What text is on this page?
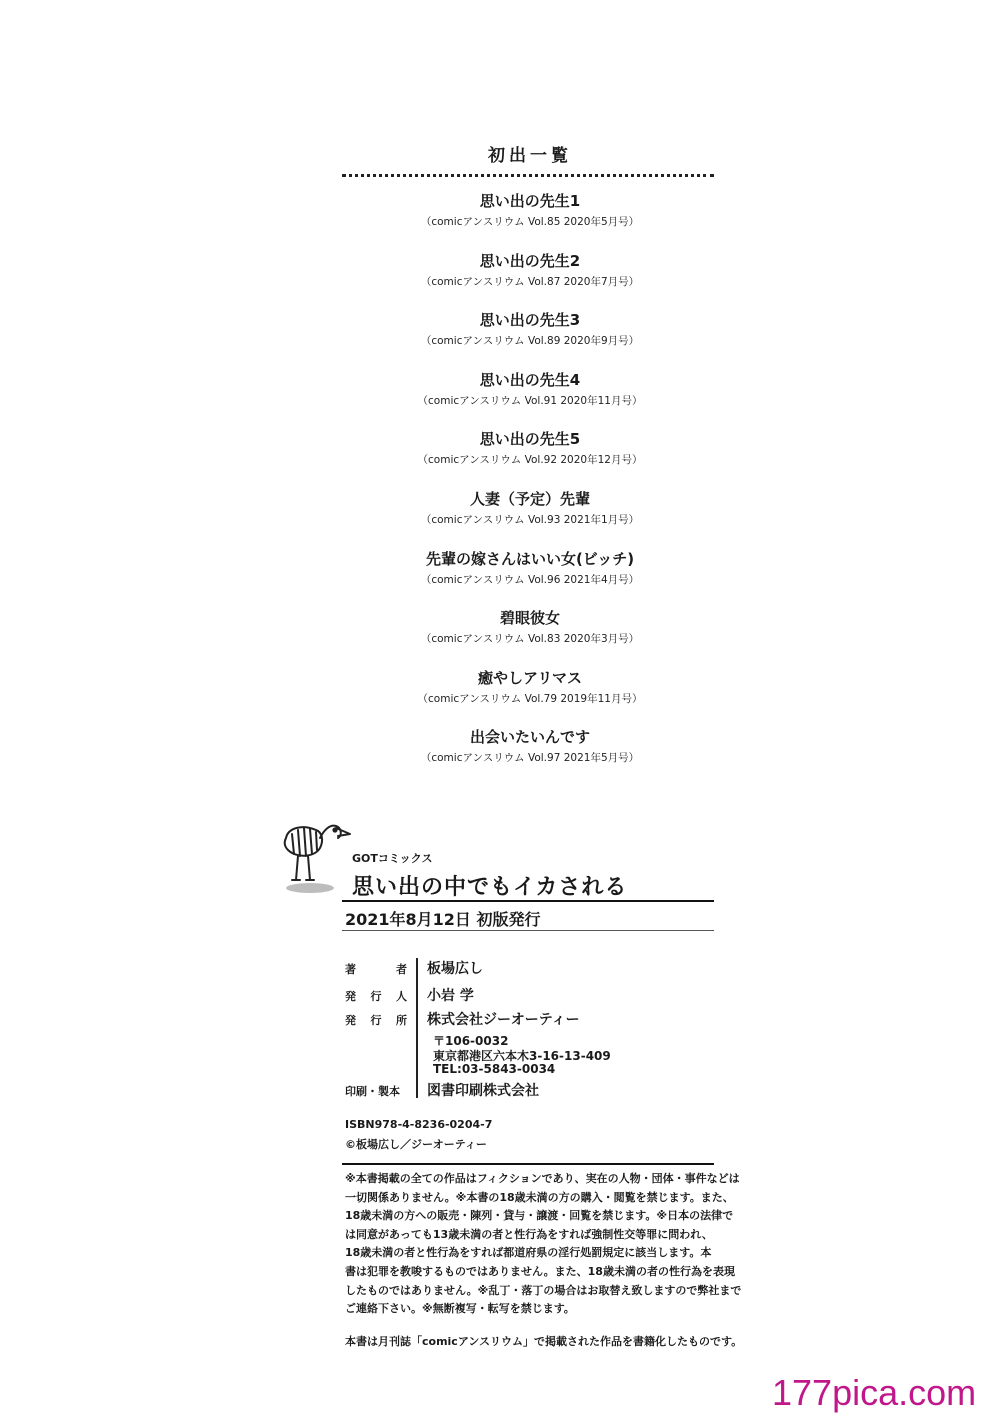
初出一覧
思い出の先生1
（comicアンスリウム Vol.85 2020年5月号）
思い出の先生2
（comicアンスリウム Vol.87 2020年7月号）
思い出の先生3
（comicアンスリウム Vol.89 2020年9月号）
思い出の先生4
（comicアンスリウム Vol.91 2020年11月号）
思い出の先生5
（comicアンスリウム Vol.92 2020年12月号）
人妻（予定）先輩
（comicアンスリウム Vol.93 2021年1月号）
先輩の嫁さんはいい女(ビッチ)
（comicアンスリウム Vol.96 2021年4月号）
碧眼彼女
（comicアンスリウム Vol.83 2020年3月号）
癒やしアリマス
（comicアンスリウム Vol.79 2019年11月号）
出会いたいんです
（comicアンスリウム Vol.97 2021年5月号）
GOTコミックス
思い出の中でもイカされる
2021年8月12日 初版発行
著	者 板場広し
発 行 人 小岩 学
発 行 所 株式会社ジーオーティー
〒106-0032
東京都港区六本木3-16-13-409
TEL:03-5843-0034
印刷・製本	図書印刷株式会社
ISBN978-4-8236-0204-7
©板場広し／ジーオーティー

※本書掲載の全ての作品はフィクションであり、実在の人物・団体・事件などは

一切関係ありません。※本書の18歳未満の方の購入・閲覧を禁じます。また、

18歳未満の方への販売・陳列・貸与・譲渡・回覧を禁じます。※日本の法律で

は同意があっても13歳未満の者と性行為をすれば強制性交等罪に問われ、

18歳未満の者と性行為をすれば都道府県の淫行処罰規定に該当します。本

書は犯罪を教唆するものではありません。また、18歳未満の者の性行為を表現

したものではありません。※乱丁・落丁の場合はお取替え致しますので弊社まで

ご連絡下さい。※無断複写・転写を禁じます。

本書は月刊誌「comicアンスリウム」で掲載された作品を書籍化したものです。
177pica.com
